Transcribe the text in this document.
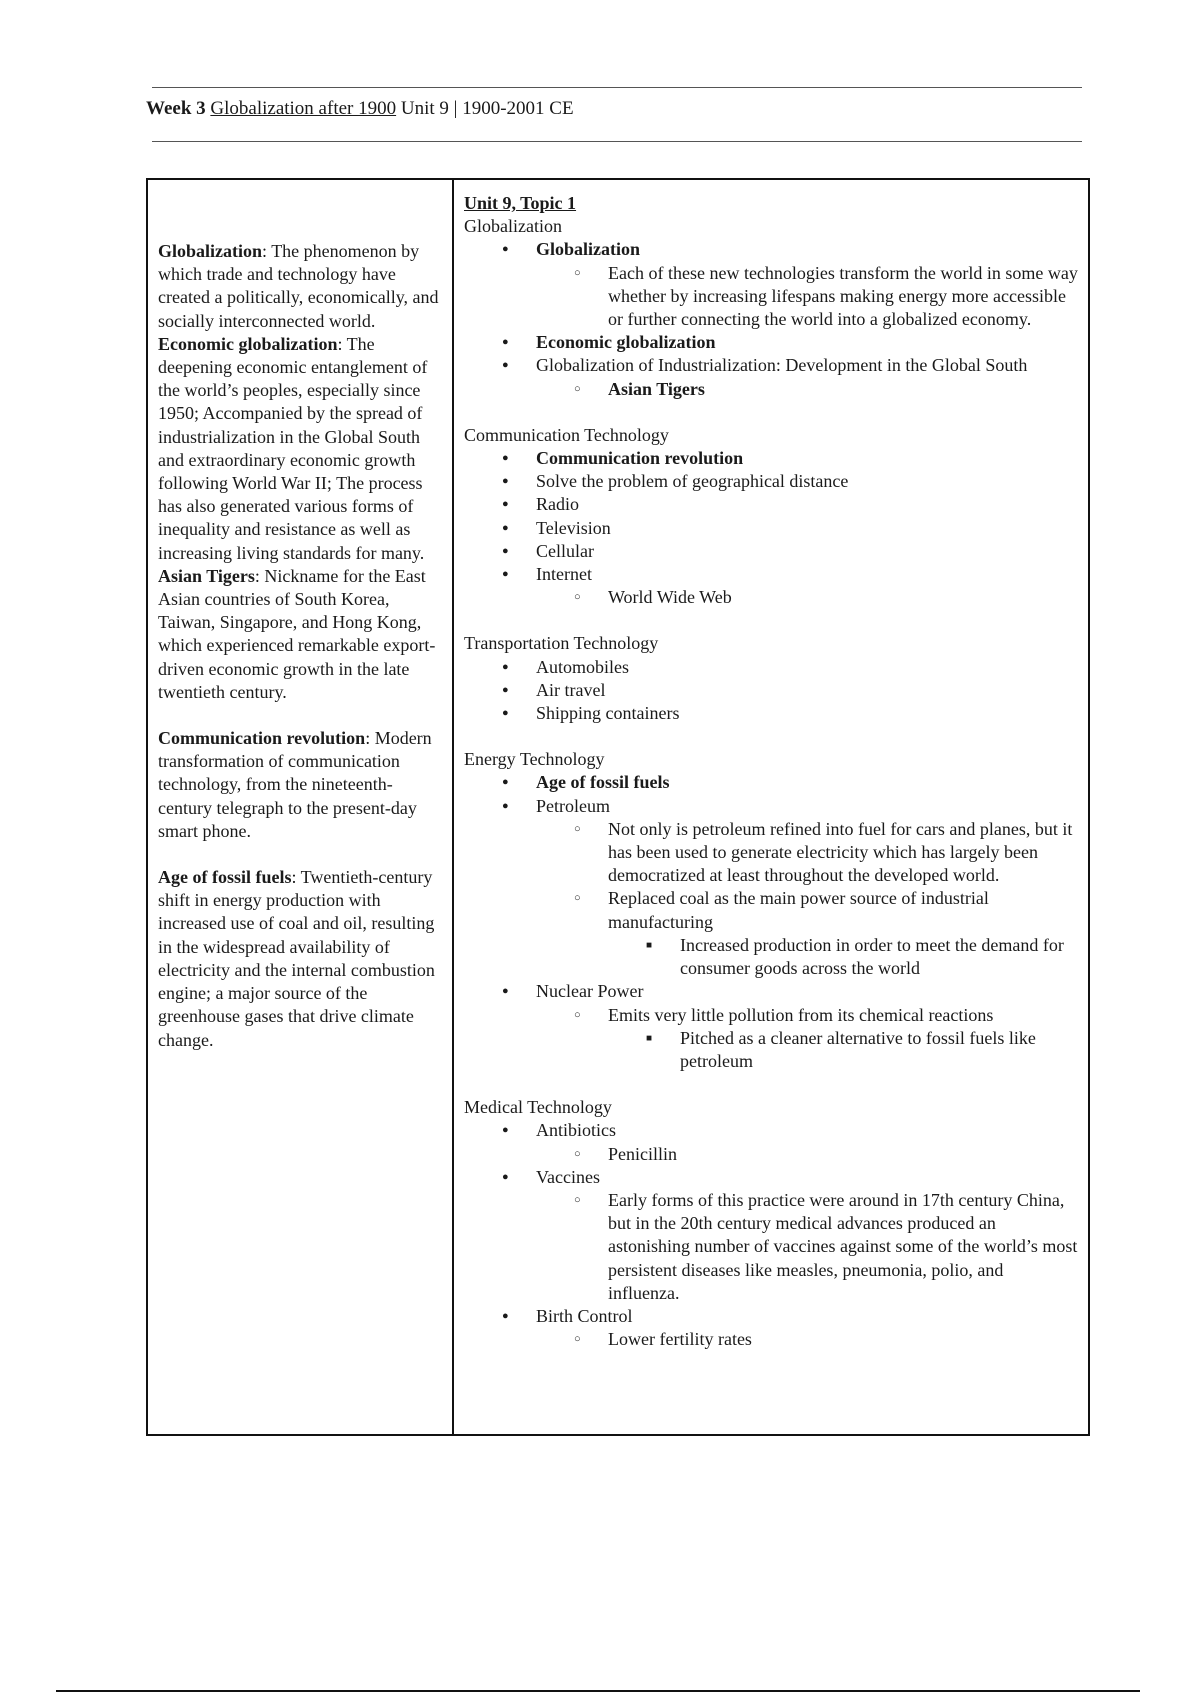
Week 3 Globalization after 1900 Unit 9 | 1900-2001 CE

Globalization: The phenomenon by which trade and technology have created a politically, economically, and socially interconnected world.

Economic globalization: The deepening economic entanglement of the world’s peoples, especially since 1950; Accompanied by the spread of industrialization in the Global South and extraordinary economic growth following World War II; The process has also generated various forms of inequality and resistance as well as increasing living standards for many.

Asian Tigers: Nickname for the East Asian countries of South Korea, Taiwan, Singapore, and Hong Kong, which experienced remarkable export-driven economic growth in the late twentieth century.

Communication revolution: Modern transformation of communication technology, from the nineteenth-century telegraph to the present-day smart phone.

Age of fossil fuels: Twentieth-century shift in energy production with increased use of coal and oil, resulting in the widespread availability of electricity and the internal combustion engine; a major source of the greenhouse gases that drive climate change.

Unit 9, Topic 1

Globalization

● Globalization
○ Each of these new technologies transform the world in some way whether by increasing lifespans making energy more accessible or further connecting the world into a globalized economy.
● Economic globalization
● Globalization of Industrialization: Development in the Global South
○ Asian Tigers

Communication Technology

● Communication revolution
● Solve the problem of geographical distance
● Radio
● Television
● Cellular
● Internet
○ World Wide Web

Transportation Technology

● Automobiles
● Air travel
● Shipping containers

Energy Technology

● Age of fossil fuels
● Petroleum
○ Not only is petroleum refined into fuel for cars and planes, but it has been used to generate electricity which has largely been democratized at least throughout the developed world.
○ Replaced coal as the main power source of industrial manufacturing
■ Increased production in order to meet the demand for consumer goods across the world
● Nuclear Power
○ Emits very little pollution from its chemical reactions
■ Pitched as a cleaner alternative to fossil fuels like petroleum

Medical Technology

● Antibiotics
○ Penicillin
● Vaccines
○ Early forms of this practice were around in 17th century China, but in the 20th century medical advances produced an astonishing number of vaccines against some of the world’s most persistent diseases like measles, pneumonia, polio, and influenza.
● Birth Control
○ Lower fertility rates
